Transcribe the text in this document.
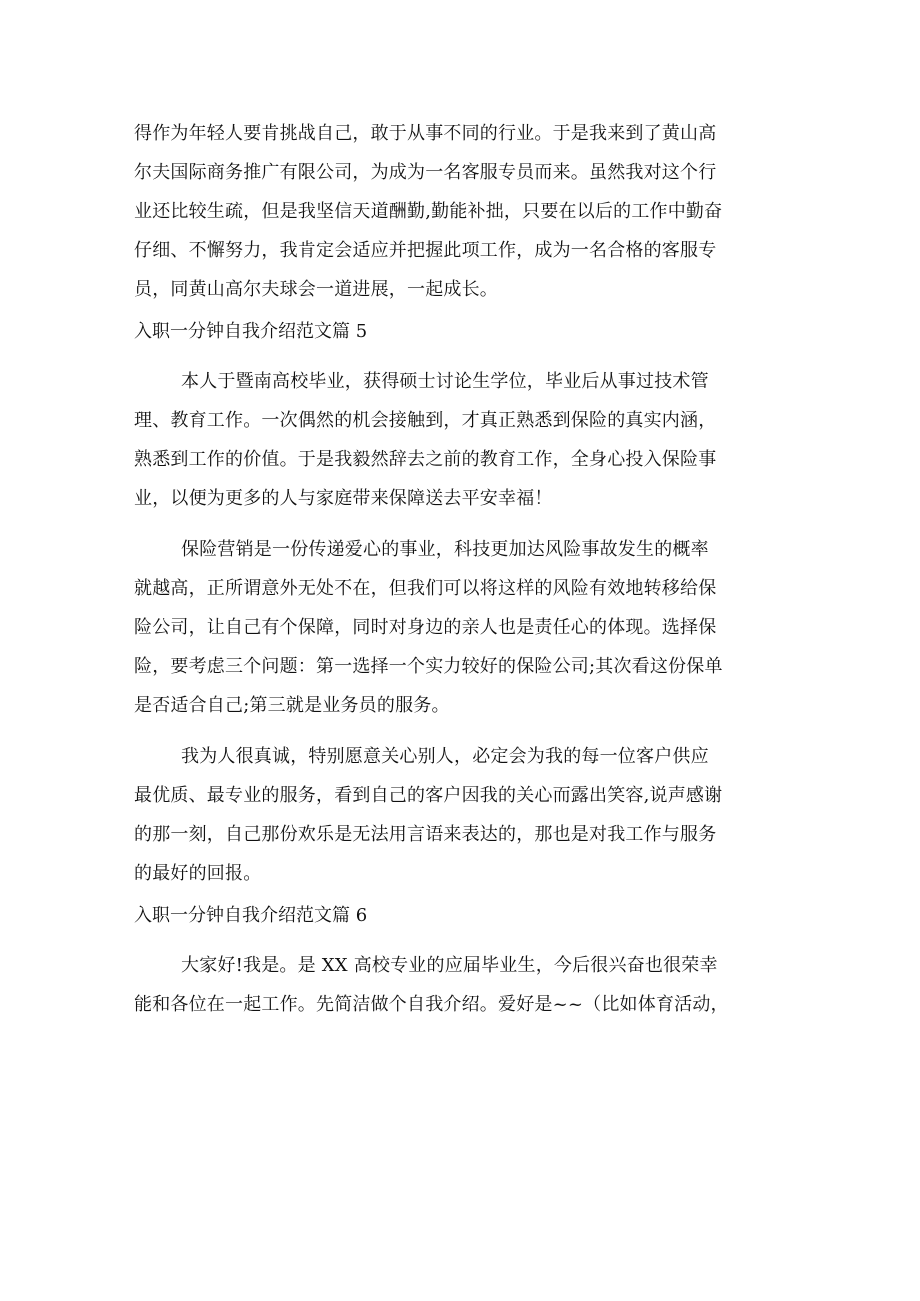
得作为年轻人要肯挑战自己，敢于从事不同的行业。于是我来到了黄山高
尔夫国际商务推广有限公司，为成为一名客服专员而来。虽然我对这个行
业还比较生疏，但是我坚信天道酬勤,勤能补拙，只要在以后的工作中勤奋
仔细、不懈努力，我肯定会适应并把握此项工作，成为一名合格的客服专
员，同黄山高尔夫球会一道进展，一起成长。
入职一分钟自我介绍范文篇 5
本人于暨南高校毕业，获得硕士讨论生学位，毕业后从事过技术管
理、教育工作。一次偶然的机会接触到，才真正熟悉到保险的真实内涵，
熟悉到工作的价值。于是我毅然辞去之前的教育工作，全身心投入保险事
业，以便为更多的人与家庭带来保障送去平安幸福！
保险营销是一份传递爱心的事业，科技更加达风险事故发生的概率
就越高，正所谓意外无处不在，但我们可以将这样的风险有效地转移给保
险公司，让自己有个保障，同时对身边的亲人也是责任心的体现。选择保
险，要考虑三个问题：第一选择一个实力较好的保险公司;其次看这份保单
是否适合自己;第三就是业务员的服务。
我为人很真诚，特别愿意关心别人，必定会为我的每一位客户供应
最优质、最专业的服务，看到自己的客户因我的关心而露出笑容,说声感谢
的那一刻，自己那份欢乐是无法用言语来表达的，那也是对我工作与服务
的最好的回报。
入职一分钟自我介绍范文篇 6
大家好!我是。是 XX 高校专业的应届毕业生，今后很兴奋也很荣幸
能和各位在一起工作。先简洁做个自我介绍。爱好是~~（比如体育活动，
